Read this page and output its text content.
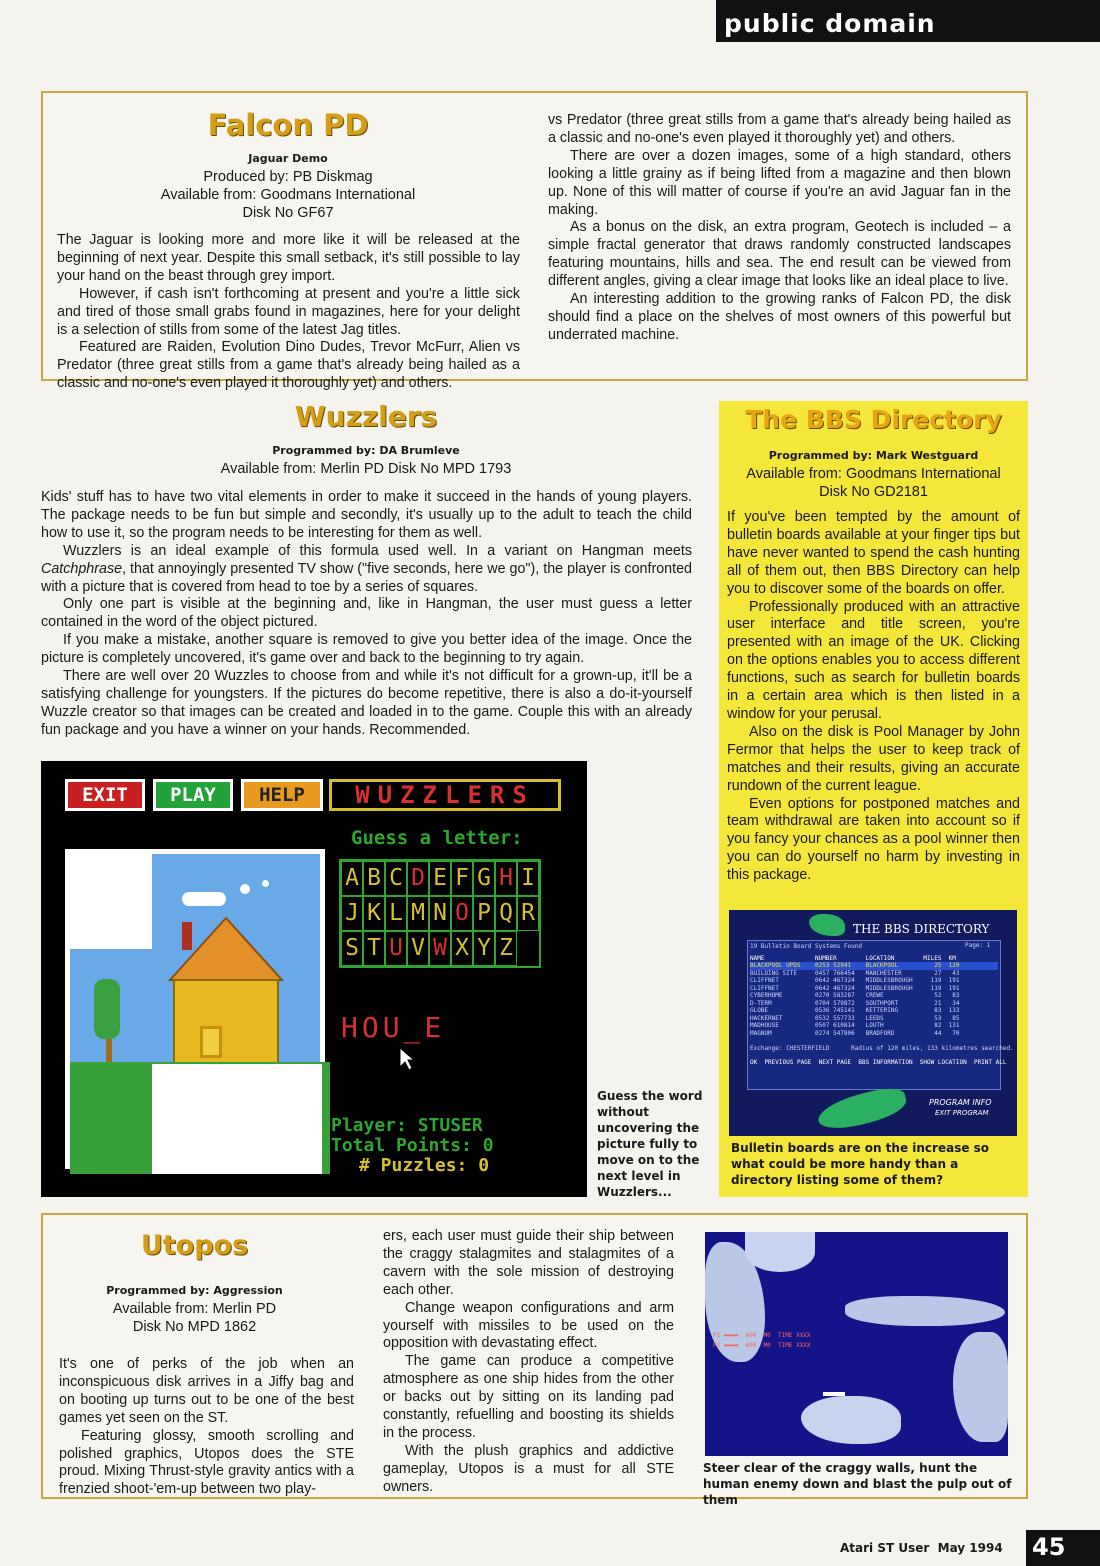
public domain
Falcon PD
Jaguar Demo
Produced by: PB Diskmag
Available from: Goodmans International
Disk No GF67

The Jaguar is looking more and more like it will be released at the beginning of next year. Despite this small setback, it's still possible to lay your hand on the beast through grey import.

However, if cash isn't forthcoming at present and you're a little sick and tired of those small grabs found in magazines, here for your delight is a selection of stills from some of the latest Jag titles.

Featured are Raiden, Evolution Dino Dudes, Trevor McFurr, Alien vs Predator (three great stills from a game that's already being hailed as a classic and no-one's even played it thoroughly yet) and others.

vs Predator (three great stills from a game that's already being hailed as a classic and no-one's even played it thoroughly yet) and others.

There are over a dozen images, some of a high standard, others looking a little grainy as if being lifted from a magazine and then blown up. None of this will matter of course if you're an avid Jaguar fan in the making.

As a bonus on the disk, an extra program, Geotech is included – a simple fractal generator that draws randomly constructed landscapes featuring mountains, hills and sea. The end result can be viewed from different angles, giving a clear image that looks like an ideal place to live.

An interesting addition to the growing ranks of Falcon PD, the disk should find a place on the shelves of most owners of this powerful but underrated machine.

Wuzzlers
Programmed by: DA Brumleve
Available from: Merlin PD Disk No MPD 1793

Kids' stuff has to have two vital elements in order to make it succeed in the hands of young players. The package needs to be fun but simple and secondly, it's usually up to the adult to teach the child how to use it, so the program needs to be interesting for them as well.

Wuzzlers is an ideal example of this formula used well. In a variant on Hangman meets Catchphrase, that annoyingly presented TV show ("five seconds, here we go"), the player is confronted with a picture that is covered from head to toe by a series of squares.

Only one part is visible at the beginning and, like in Hangman, the user must guess a letter contained in the word of the object pictured.

If you make a mistake, another square is removed to give you better idea of the image. Once the picture is completely uncovered, it's game over and back to the beginning to try again.

There are well over 20 Wuzzles to choose from and while it's not difficult for a grown-up, it'll be a satisfying challenge for youngsters. If the pictures do become repetitive, there is also a do-it-yourself Wuzzle creator so that images can be created and loaded in to the game. Couple this with an already fun package and you have a winner on your hands. Recommended.

EXIT	PLAY	HELP	WUZZLERS
Guess a letter:
A B C D E F G H I
J K L M N O P Q R
S T U V W X Y Z
HOU_E
Player: STUSER
Total Points: 0
# Puzzles: 0
Guess the word without uncovering the picture fully to move on to the next level in Wuzzlers...
The BBS Directory
Programmed by: Mark Westguard
Available from: Goodmans International
Disk No GD2181

If you've been tempted by the amount of bulletin boards available at your finger tips but have never wanted to spend the cash hunting all of them out, then BBS Directory can help you to discover some of the boards on offer.

Professionally produced with an attractive user interface and title screen, you're presented with an image of the UK. Clicking on the options enables you to access different functions, such as search for bulletin boards in a certain area which is then listed in a window for your perusal.

Also on the disk is Pool Manager by John Fermor that helps the user to keep track of matches and their results, giving an accurate rundown of the current league.

Even options for postponed matches and team withdrawal are taken into account so if you fancy your chances as a pool winner then you can do yourself no harm by investing in this package.

THE BBS DIRECTORY
19 Bulletin Board Systems Found
NAME              NUMBER        LOCATION        MILES  KM
BLACKPOOL UPDS    0253 52941    BLACKPOOL          25  120
BUILDING SITE     0457 766454   MANCHESTER         27   43
CLIFFNET          0642 467324   MIDDLESBROUGH     119  191
CLIFFNET          0642 467324   MIDDLESBROUGH     119  191
CYBERHOME         0270 583287   CREWE              52   83
D-TERM            0704 579872   SOUTHPORT          21   34
GLOBE             0536 745141   KETTERING          83  133
HACKERNET         0532 557733   LEEDS              53   85
MADHOUSE          0507 610814   LOUTH              82  131
MAGNUM            0274 547806   BRADFORD           44   70
Exchange: CHESTERFIELD      Radius of 120 miles, 133 kilometres searched.
OK  PREVIOUS PAGE  NEXT PAGE  BBS INFORMATION  SHOW LOCATION  PRINT ALL
Page: 1
PROGRAM INFO
EXIT PROGRAM
Bulletin boards are on the increase so what could be more handy than a directory listing some of them?
Utopos
Programmed by: Aggression
Available from: Merlin PD
Disk No MPD 1862

It's one of perks of the job when an inconspicuous disk arrives in a Jiffy bag and on booting up turns out to be one of the best games yet seen on the ST.

Featuring glossy, smooth scrolling and polished graphics, Utopos does the STE proud. Mixing Thrust-style gravity antics with a frenzied shoot-'em-up between two play-

ers, each user must guide their ship between the craggy stalagmites and stalagmites of a cavern with the sole mission of destroying each other.

Change weapon configurations and arm yourself with missiles to be used on the opposition with devastating effect.

The game can produce a competitive atmosphere as one ship hides from the other or backs out by sitting on its landing pad constantly, refuelling and boosting its shields in the process.

With the plush graphics and addictive gameplay, Utopos is a must for all STE owners.

P1 ▬▬▬▬  A00  M0  TIME XXXX
P2 ▬▬▬▬  A00  M0  TIME XXXX
Steer clear of the craggy walls, hunt the human enemy down and blast the pulp out of them
Atari ST User  May 1994 45
